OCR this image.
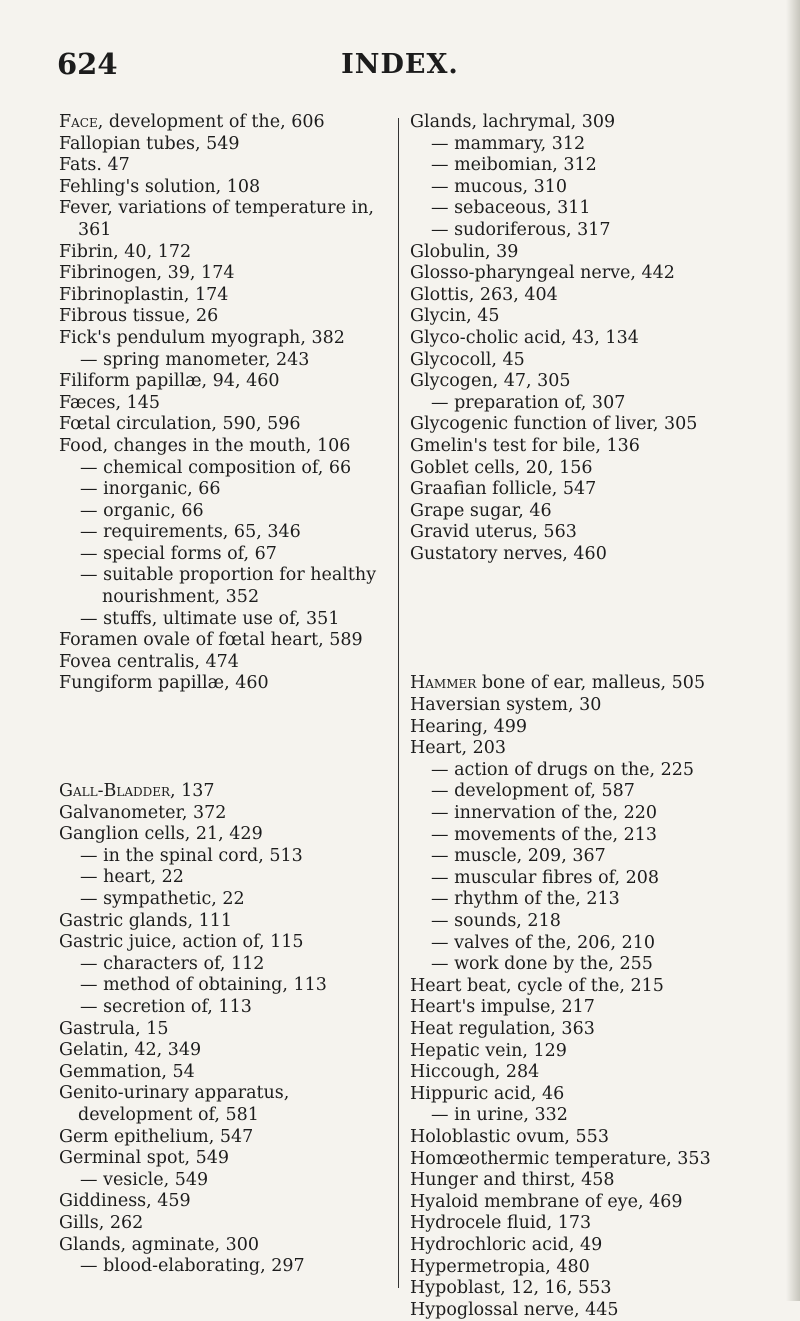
624	INDEX.
Face, development of the, 606
Fallopian tubes, 549
Fats. 47
Fehling's solution, 108
Fever, variations of temperature in, 361
Fibrin, 40, 172
Fibrinogen, 39, 174
Fibrinoplastin, 174
Fibrous tissue, 26
Fick's pendulum myograph, 382
— spring manometer, 243
Filiform papillæ, 94, 460
Fæces, 145
Fœtal circulation, 590, 596
Food, changes in the mouth, 106
— chemical composition of, 66
— inorganic, 66
— organic, 66
— requirements, 65, 346
— special forms of, 67
— suitable proportion for healthy nourishment, 352
— stuffs, ultimate use of, 351
Foramen ovale of fœtal heart, 589
Fovea centralis, 474
Fungiform papillæ, 460
Gall-Bladder, 137
Galvanometer, 372
Ganglion cells, 21, 429
— in the spinal cord, 513
— heart, 22
— sympathetic, 22
Gastric glands, 111
Gastric juice, action of, 115
— characters of, 112
— method of obtaining, 113
— secretion of, 113
Gastrula, 15
Gelatin, 42, 349
Gemmation, 54
Genito-urinary apparatus, development of, 581
Germ epithelium, 547
Germinal spot, 549
— vesicle, 549
Giddiness, 459
Gills, 262
Glands, agminate, 300
— blood-elaborating, 297
Glands, lachrymal, 309
— mammary, 312
— meibomian, 312
— mucous, 310
— sebaceous, 311
— sudoriferous, 317
Globulin, 39
Glosso-pharyngeal nerve, 442
Glottis, 263, 404
Glycin, 45
Glyco-cholic acid, 43, 134
Glycocoll, 45
Glycogen, 47, 305
— preparation of, 307
Glycogenic function of liver, 305
Gmelin's test for bile, 136
Goblet cells, 20, 156
Graafian follicle, 547
Grape sugar, 46
Gravid uterus, 563
Gustatory nerves, 460
Hammer bone of ear, malleus, 505
Haversian system, 30
Hearing, 499
Heart, 203
— action of drugs on the, 225
— development of, 587
— innervation of the, 220
— movements of the, 213
— muscle, 209, 367
— muscular fibres of, 208
— rhythm of the, 213
— sounds, 218
— valves of the, 206, 210
— work done by the, 255
Heart beat, cycle of the, 215
Heart's impulse, 217
Heat regulation, 363
Hepatic vein, 129
Hiccough, 284
Hippuric acid, 46
— in urine, 332
Holoblastic ovum, 553
Homœothermic temperature, 353
Hunger and thirst, 458
Hyaloid membrane of eye, 469
Hydrocele fluid, 173
Hydrochloric acid, 49
Hypermetropia, 480
Hypoblast, 12, 16, 553
Hypoglossal nerve, 445
